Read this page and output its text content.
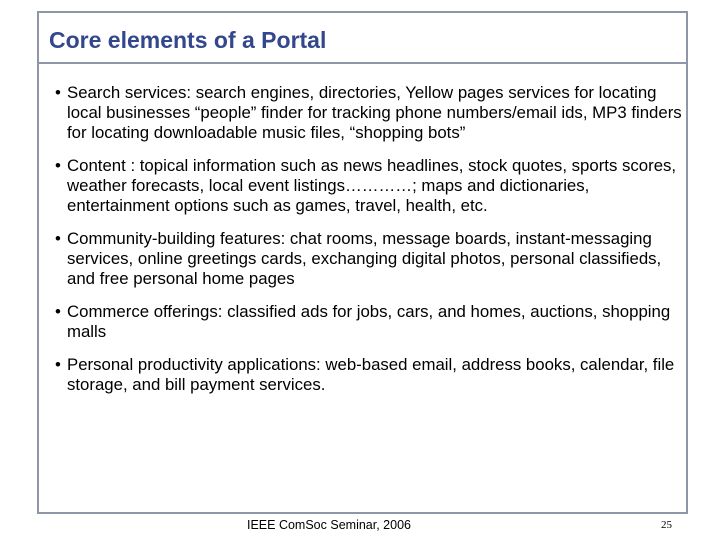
Core elements of a Portal
• Search services: search engines, directories, Yellow pages services for locating local businesses “people” finder for tracking phone numbers/email ids, MP3 finders for locating downloadable music files, “shopping bots”
• Content : topical information such as news headlines, stock quotes, sports scores, weather forecasts, local event listings…………; maps and dictionaries, entertainment options such as games, travel, health, etc.
• Community-building features: chat rooms, message boards, instant-messaging services, online greetings cards, exchanging digital photos, personal classifieds, and free personal home pages
• Commerce offerings: classified ads for jobs, cars, and homes, auctions, shopping malls
• Personal productivity applications: web-based email, address books, calendar, file storage, and bill payment services.
IEEE ComSoc Seminar, 2006	25
